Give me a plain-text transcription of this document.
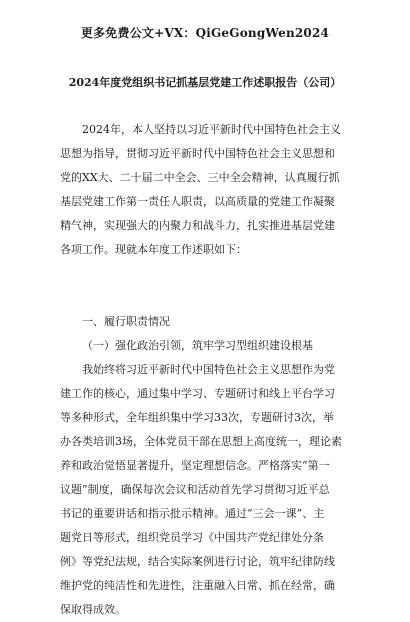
更多免费公文+VX：QiGeGongWen2024
2024年度党组织书记抓基层党建工作述职报告（公司）
2024年，本人坚持以习近平新时代中国特色社会主义
思想为指导，贯彻习近平新时代中国特色社会主义思想和
党的XX大、二十届二中全会、三中全会精神，认真履行抓
基层党建工作第一责任人职责，以高质量的党建工作凝聚
精气神，实现强大的内聚力和战斗力，扎实推进基层党建
各项工作。现就本年度工作述职如下：
一、履行职责情况
（一）强化政治引领，筑牢学习型组织建设根基
我始终将习近平新时代中国特色社会主义思想作为党
建工作的核心，通过集中学习、专题研讨和线上平台学习
等多种形式，全年组织集中学习33次，专题研讨3次，举
办各类培训3场，全体党员干部在思想上高度统一，理论素
养和政治觉悟显著提升，坚定理想信念。严格落实“第一
议题”制度，确保每次会议和活动首先学习贯彻习近平总
书记的重要讲话和指示批示精神。通过“三会一课”、主
题党日等形式，组织党员学习《中国共产党纪律处分条
例》等党纪法规，结合实际案例进行讨论，筑牢纪律防线
维护党的纯洁性和先进性，注重融入日常、抓在经常，确
保取得成效。
